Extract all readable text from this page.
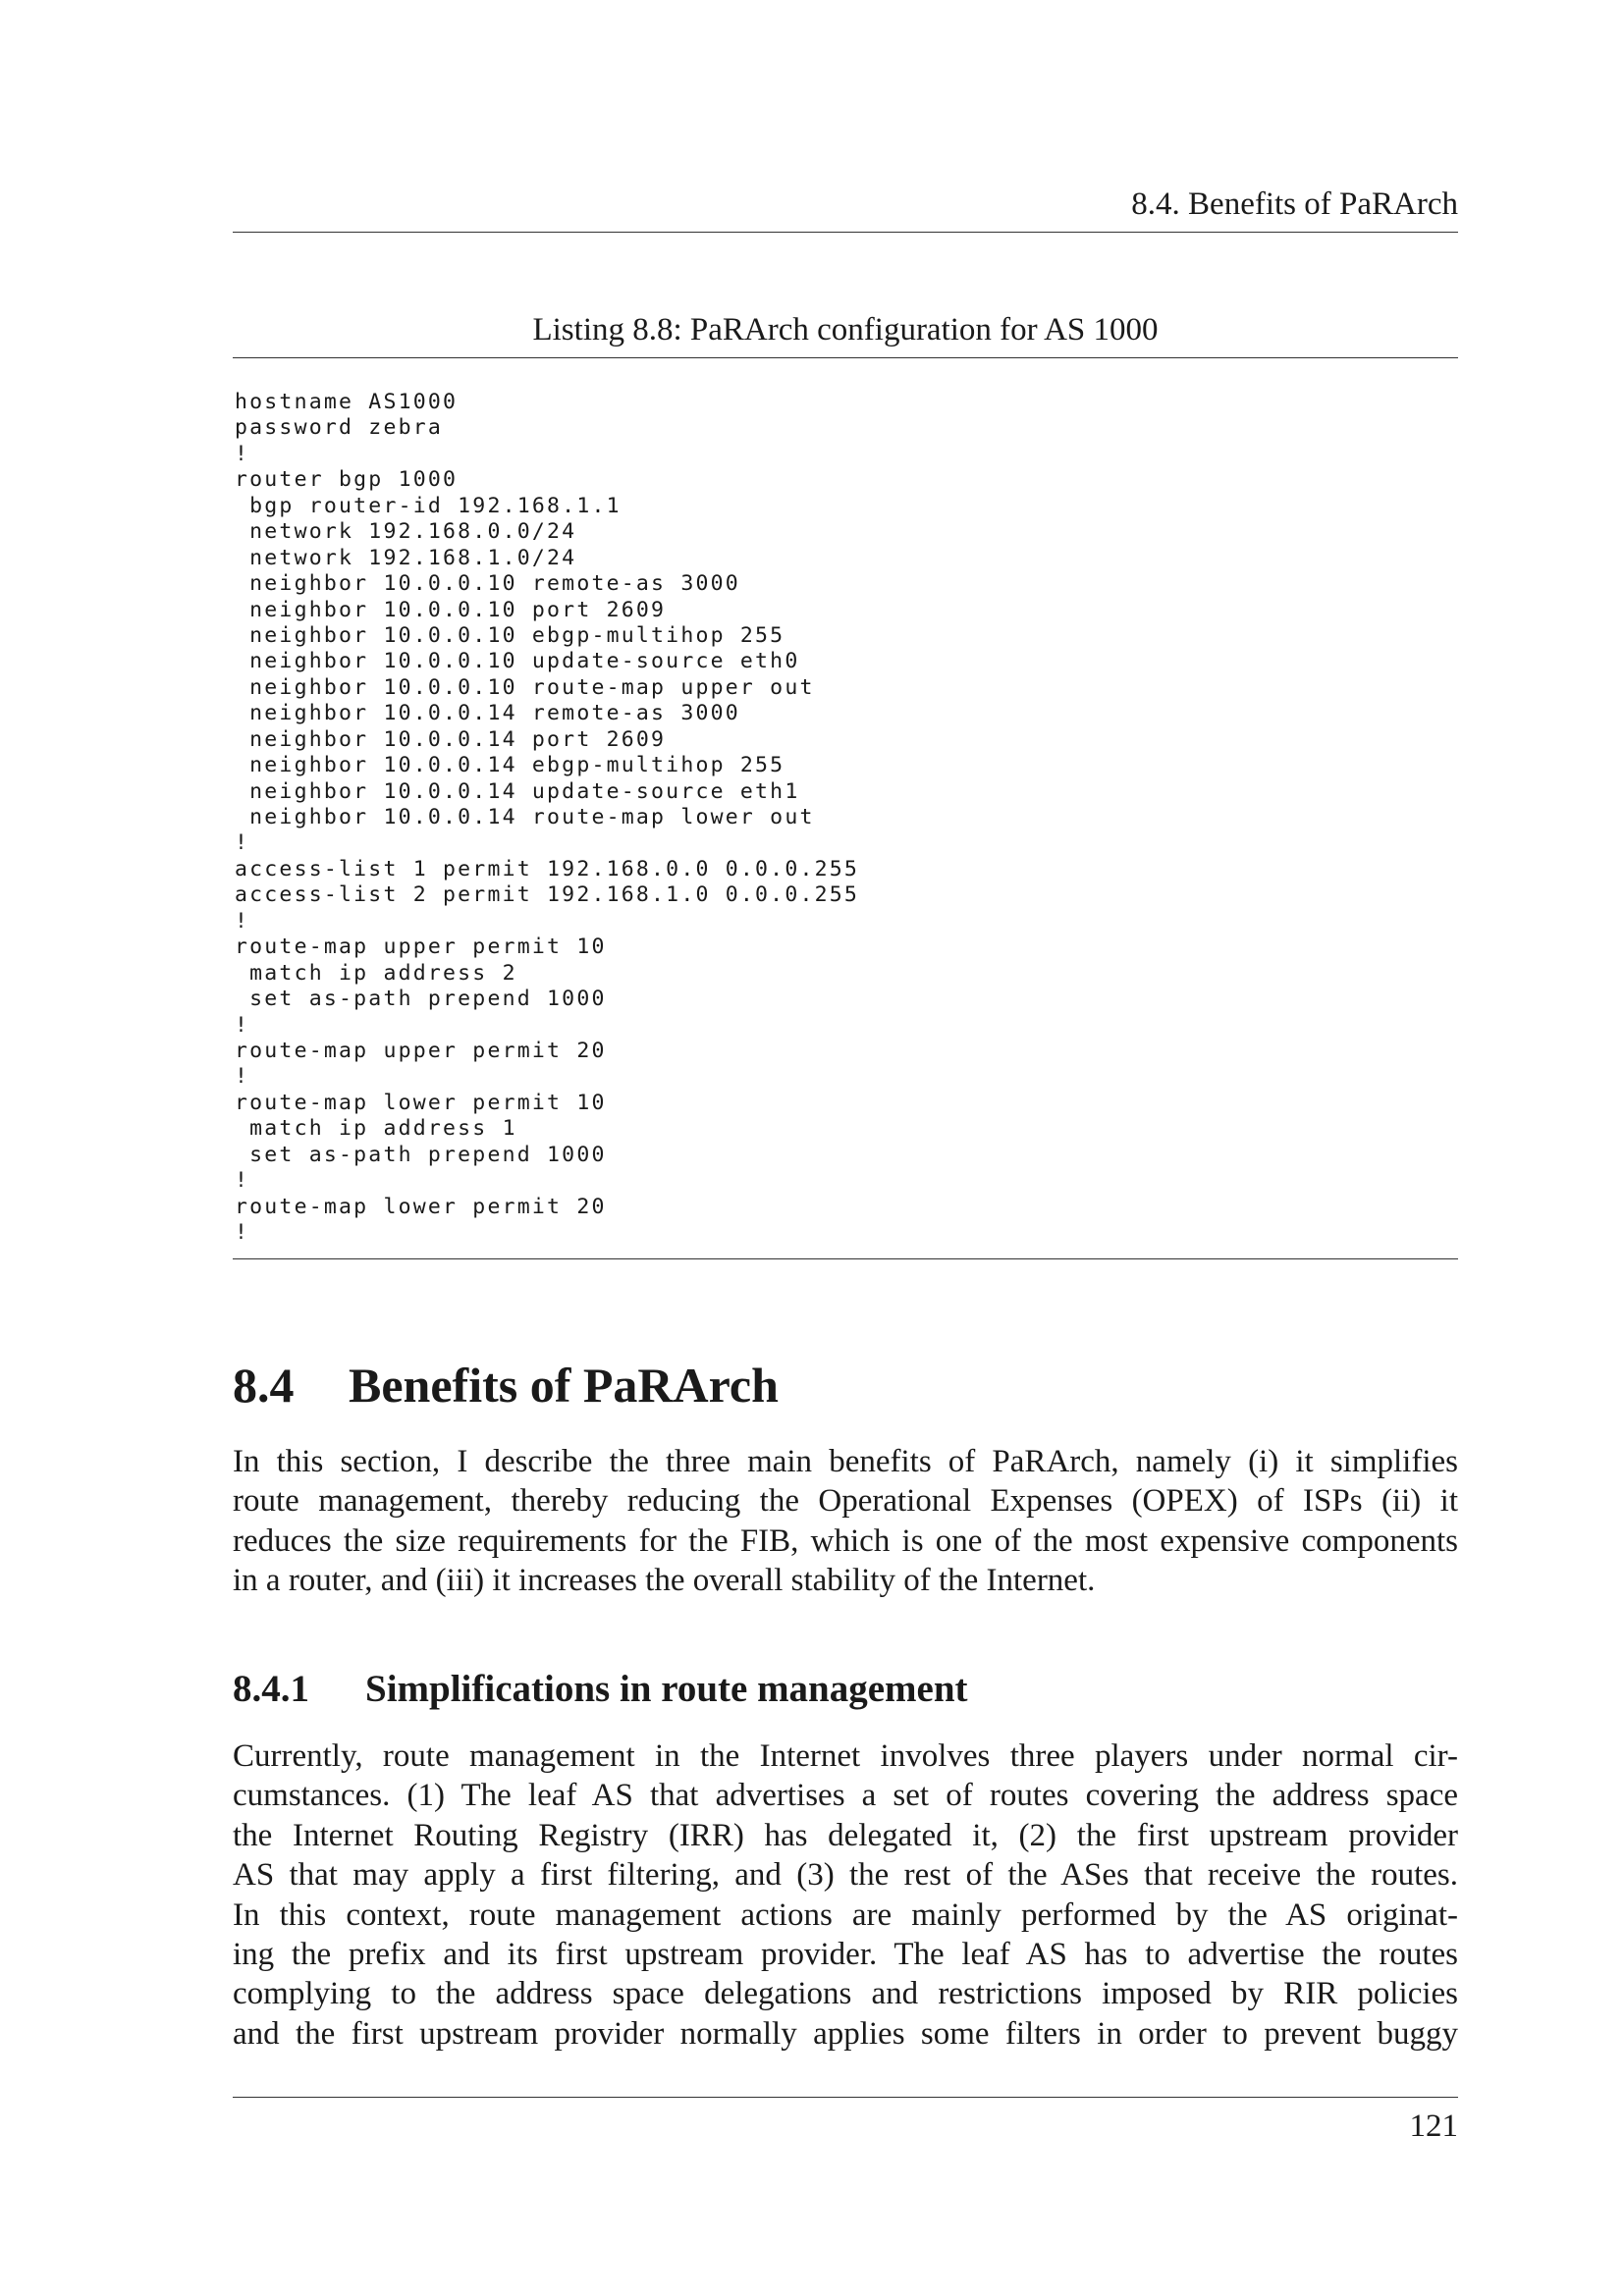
8.4. Benefits of PaRArch
Listing 8.8: PaRArch configuration for AS 1000
hostname AS1000
password zebra
!
router bgp 1000
bgp router-id 192.168.1.1
network 192.168.0.0/24
network 192.168.1.0/24
neighbor 10.0.0.10 remote-as 3000
neighbor 10.0.0.10 port 2609
neighbor 10.0.0.10 ebgp-multihop 255
neighbor 10.0.0.10 update-source eth0
neighbor 10.0.0.10 route-map upper out
neighbor 10.0.0.14 remote-as 3000
neighbor 10.0.0.14 port 2609
neighbor 10.0.0.14 ebgp-multihop 255
neighbor 10.0.0.14 update-source eth1
neighbor 10.0.0.14 route-map lower out
!
access-list 1 permit 192.168.0.0 0.0.0.255
access-list 2 permit 192.168.1.0 0.0.0.255
!
route-map upper permit 10
match ip address 2
set as-path prepend 1000
!
route-map upper permit 20
!
route-map lower permit 10
match ip address 1
set as-path prepend 1000
!
route-map lower permit 20
!
8.4 Benefits of PaRArch
In this section, I describe the three main benefits of PaRArch, namely (i) it simplifies
route management, thereby reducing the Operational Expenses (OPEX) of ISPs (ii) it
reduces the size requirements for the FIB, which is one of the most expensive components
in a router, and (iii) it increases the overall stability of the Internet.
8.4.1 Simplifications in route management
Currently, route management in the Internet involves three players under normal cir-
cumstances. (1) The leaf AS that advertises a set of routes covering the address space
the Internet Routing Registry (IRR) has delegated it, (2) the first upstream provider
AS that may apply a first filtering, and (3) the rest of the ASes that receive the routes.
In this context, route management actions are mainly performed by the AS originat-
ing the prefix and its first upstream provider. The leaf AS has to advertise the routes
complying to the address space delegations and restrictions imposed by RIR policies
and the first upstream provider normally applies some filters in order to prevent buggy
121
